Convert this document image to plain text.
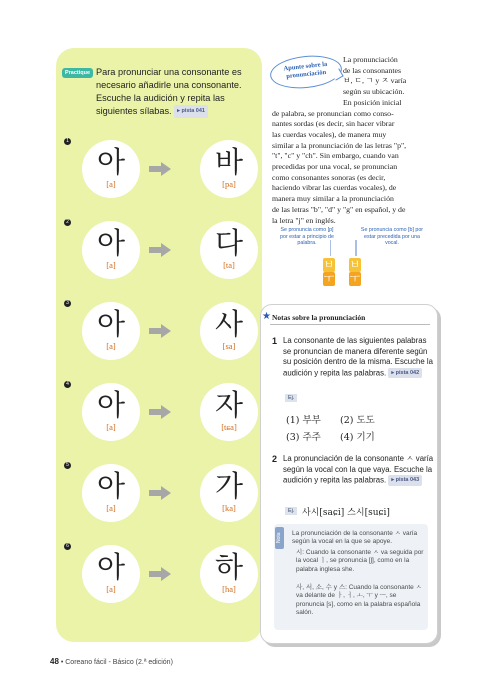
Practique Para pronunciar una consonante es necesario añadirle una consonante. Escuche la audición y repita las siguientes sílabas. ▸ pista 041
1
아
[a]
바
[pa]
2
아
[a]
다
[ta]
3
아
[a]
사
[sa]
4
아
[a]
자
[tɕa]
5
아
[a]
가
[ka]
6
아
[a]
하
[ha]
Apunte sobre la pronunciación
La pronunciación
de las consonantes
ㅂ, ㄷ, ㄱ y ㅈ varía
según su ubicación.
En posición inicial
de palabra, se pronuncian como conso-
nantes sordas (es decir, sin hacer vibrar
las cuerdas vocales), de manera muy
similar a la pronunciación de las letras "p",
"t", "c" y "ch". Sin embargo, cuando van
precedidas por una vocal, se pronuncian
como consonantes sonoras (es decir,
haciendo vibrar las cuerdas vocales), de
manera muy similar a la pronunciación
de las letras "b", "d" y "g" en español, y de
la letra "j" en inglés.
Se pronuncia como [p] por estar a principio de palabra.
Se pronuncia como [b] por estar precedida por una vocal.
ㅂ
ㅜ
ㅂ
ㅜ
★ Notas sobre la pronunciación
1 La consonante de las siguientes palabras se pronuncian de manera diferente según su posición dentro de la misma. Escuche la audición y repita las palabras. ▸ pista 042
Ej.
(1) 부부 (2) 도도
(3) 주주 (4) 기기
2 La pronunciación de la consonante ㅅ varía según la vocal con la que vaya. Escuche la audición y repita las palabras. ▸ pista 043
Ej. 사시[saɕi] 스시[suɕi]
Nota	La pronunciación de la consonante ㅅ varía según la vocal en la que se apoye.
시: Cuando la consonante ㅅ va seguida por la vocal ㅣ, se pronuncia [ʃ], como en la palabra inglesa she.
사, 서, 소, 수 y 스: Cuando la consonante ㅅ va delante de ㅏ, ㅓ, ㅗ, ㅜ y ㅡ, se pronuncia [s], como en la palabra española salón.
48 • Coreano fácil - Básico (2.ª edición)
